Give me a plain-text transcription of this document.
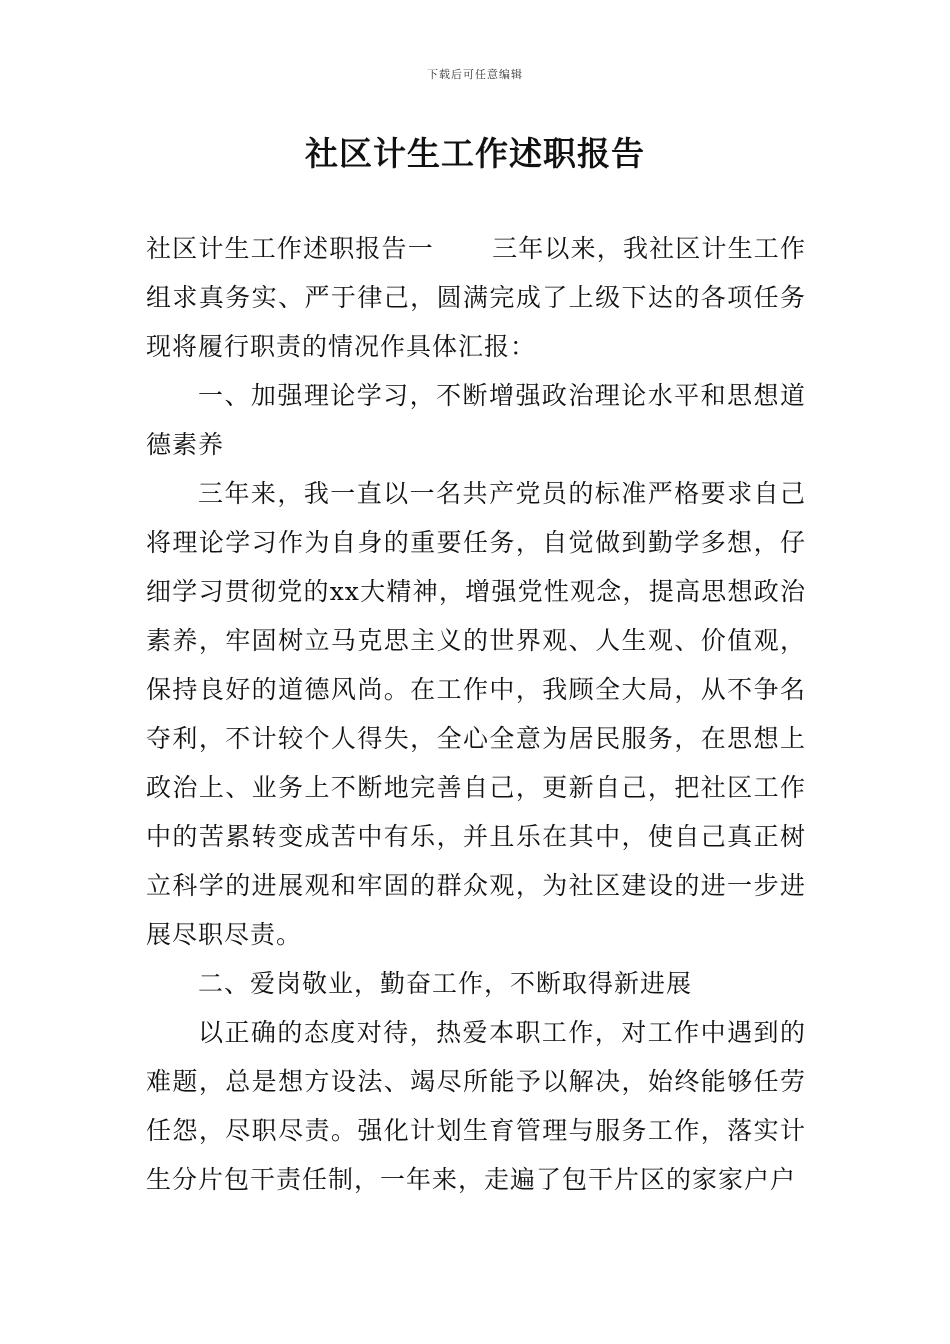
下载后可任意编辑
社区计生工作述职报告

社区计生工作述职报告一 三年以来，我社区计生工作组求真务实、严于律己，圆满完成了上级下达的各项任务现将履行职责的情况作具体汇报：

一、加强理论学习，不断增强政治理论水平和思想道德素养

三年来，我一直以一名共产党员的标准严格要求自己将理论学习作为自身的重要任务，自觉做到勤学多想，仔细学习贯彻党的xx大精神，增强党性观念，提高思想政治素养，牢固树立马克思主义的世界观、人生观、价值观，保持良好的道德风尚。在工作中，我顾全大局，从不争名夺利，不计较个人得失，全心全意为居民服务，在思想上政治上、业务上不断地完善自己，更新自己，把社区工作中的苦累转变成苦中有乐，并且乐在其中，使自己真正树立科学的进展观和牢固的群众观，为社区建设的进一步进展尽职尽责。

二、爱岗敬业，勤奋工作，不断取得新进展

以正确的态度对待，热爱本职工作，对工作中遇到的难题，总是想方设法、竭尽所能予以解决，始终能够任劳任怨，尽职尽责。强化计划生育管理与服务工作，落实计生分片包干责任制，一年来，走遍了包干片区的家家户户
